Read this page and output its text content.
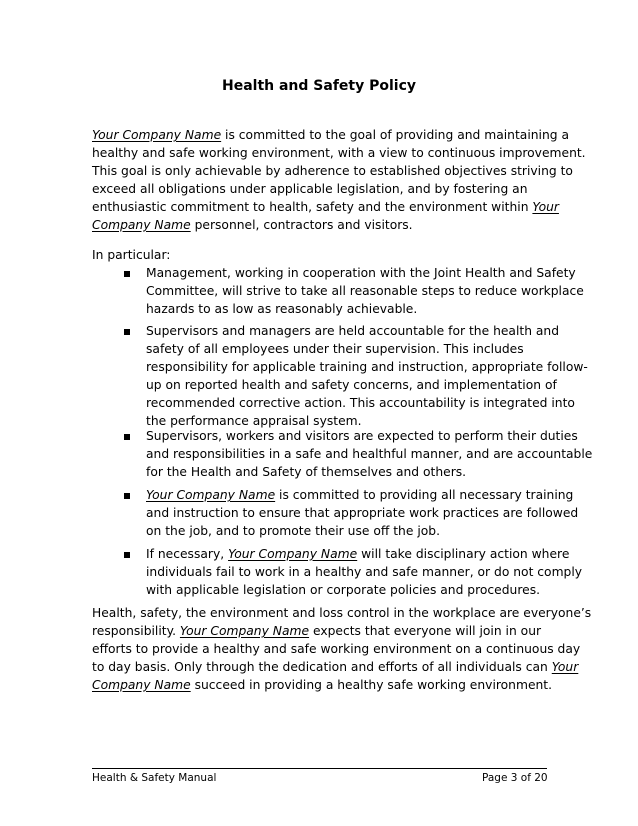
Health and Safety Policy
Your Company Name is committed to the goal of providing and maintaining a
healthy and safe working environment, with a view to continuous improvement.
This goal is only achievable by adherence to established objectives striving to
exceed all obligations under applicable legislation, and by fostering an
enthusiastic commitment to health, safety and the environment within Your
Company Name personnel, contractors and visitors.
In particular:
Management, working in cooperation with the Joint Health and Safety
Committee, will strive to take all reasonable steps to reduce workplace
hazards to as low as reasonably achievable.
Supervisors and managers are held accountable for the health and
safety of all employees under their supervision. This includes
responsibility for applicable training and instruction, appropriate follow-
up on reported health and safety concerns, and implementation of
recommended corrective action. This accountability is integrated into
the performance appraisal system.
Supervisors, workers and visitors are expected to perform their duties
and responsibilities in a safe and healthful manner, and are accountable
for the Health and Safety of themselves and others.
Your Company Name is committed to providing all necessary training
and instruction to ensure that appropriate work practices are followed
on the job, and to promote their use off the job.
If necessary, Your Company Name will take disciplinary action where
individuals fail to work in a healthy and safe manner, or do not comply
with applicable legislation or corporate policies and procedures.
Health, safety, the environment and loss control in the workplace are everyone’s
responsibility. Your Company Name expects that everyone will join in our
efforts to provide a healthy and safe working environment on a continuous day
to day basis. Only through the dedication and efforts of all individuals can Your
Company Name succeed in providing a healthy safe working environment.
Health & Safety Manual	Page 3 of 20
